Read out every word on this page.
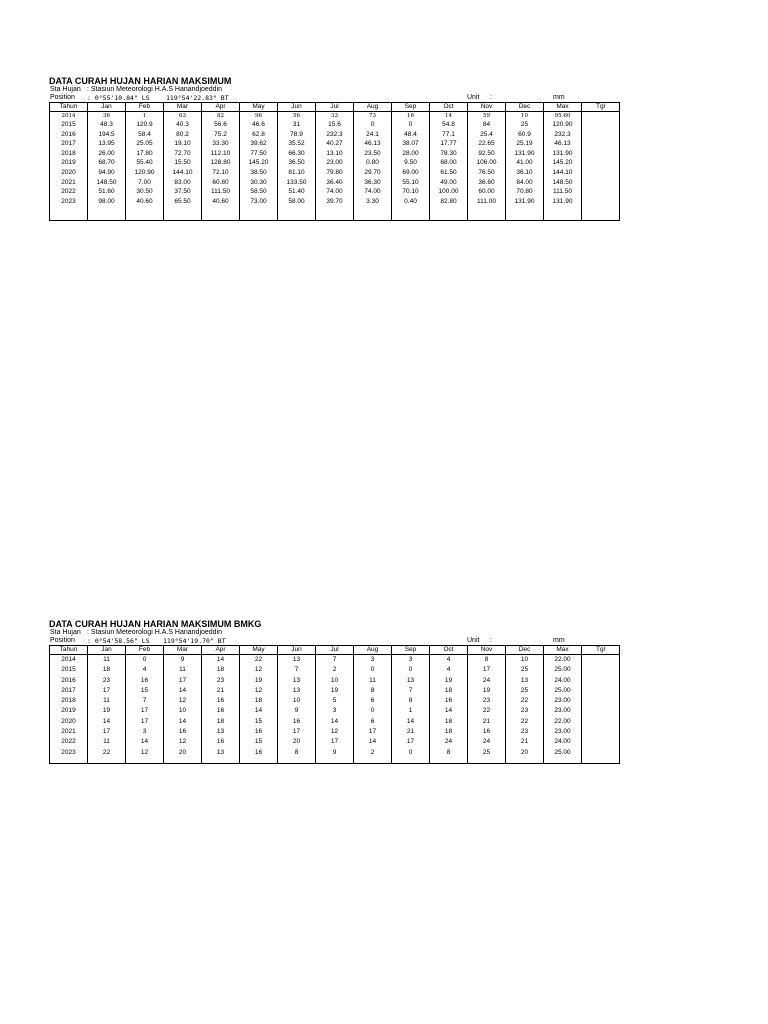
DATA CURAH HUJAN HARIAN MAKSIMUM
Sta Hujan : Stasiun Meteorologi H.A.S Hanandjoeddin
Position : 0°55'10.84" LS	119°54'22.83" BT	Unit :	mm
Tahun	Jan	Feb	Mar	Apr	May	Jun	Jul	Aug	Sep	Oct	Nov	Dec	Max	Tgl
2014	36	1	63	82	96	56	33	73	16	14	59	10	95.60	
2015	48.3	120.9	40.3	56.6	46.6	31	15.6	0	0	54.8	84	25	120.90	
2016	194.5	58.4	80.2	75.2	62.8	78.9	232.3	24.1	48.4	77.1	25.4	60.9	232.3	
2017	13.95	25.05	19.10	33.30	39.62	35.52	40.27	46.13	38.07	17.77	22.65	25.19	46.13	
2018	26.00	17.80	72.70	112.10	77.50	66.30	13.10	23.50	28.00	78.30	92.50	131.90	131.90	
2019	68.70	55.40	15.50	128.80	145.20	36.50	23.00	0.80	9.50	68.00	106.00	41.00	145.20	
2020	94.90	120.90	144.10	72.10	38.50	81.10	79.80	29.70	69.00	61.50	76.50	36.10	144.10	
2021	148.50	7.00	83.00	60.80	30.30	133.50	36.40	36.30	55.10	49.00	36.60	84.00	148.50	
2022	51.60	30.50	37.50	111.50	58.50	51.40	74.00	74.00	70.10	100.00	60.00	70.80	111.50	
2023	98.00	40.60	65.50	40.60	73.00	58.00	39.70	3.30	0.40	82.80	111.00	131.90	131.90	

DATA CURAH HUJAN HARIAN MAKSIMUM BMKG
Sta Hujan : Stasiun Meteorologi H.A.S Hanandjoeddin
Position : 0°54'58.56" LS 119°54'19.70" BT	Unit :	mm
Tahun	Jan	Feb	Mar	Apr	May	Jun	Jul	Aug	Sep	Oct	Nov	Dec	Max	Tgl
2014	11	0	9	14	22	13	7	3	3	4	8	10	22.00	
2015	18	4	11	18	12	7	2	0	0	4	17	25	25.00	
2016	23	16	17	23	19	13	10	11	13	19	24	13	24.00	
2017	17	15	14	21	12	13	19	8	7	18	19	25	25.00	
2018	11	7	12	16	18	10	5	6	8	16	23	22	23.00	
2019	19	17	10	16	14	9	3	0	1	14	22	23	23.00	
2020	14	17	14	18	15	16	14	6	14	18	21	22	22.00	
2021	17	3	16	13	16	17	12	17	21	18	16	23	23.00	
2022	11	14	12	16	15	20	17	14	17	24	24	21	24.00	
2023	22	12	20	13	16	8	9	2	0	8	25	20	25.00	
